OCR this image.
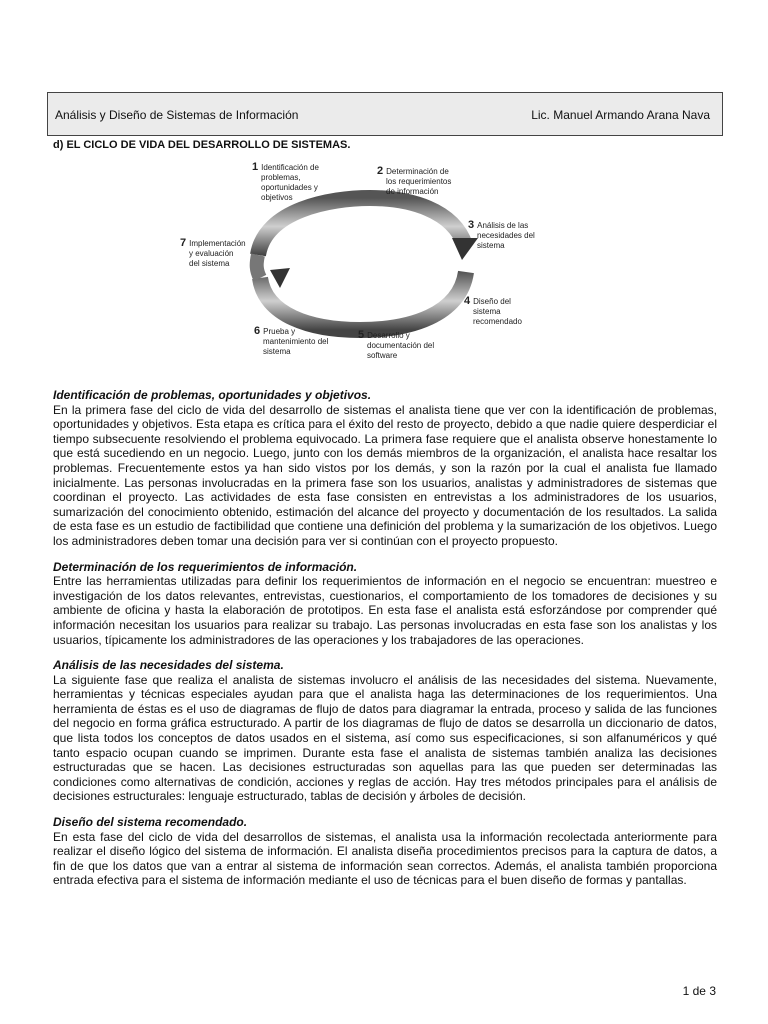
Análisis y Diseño de Sistemas de Información	Lic. Manuel Armando Arana Nava
d) EL CICLO DE VIDA DEL DESARROLLO DE SISTEMAS.
1 Identificación de
problemas,
oportunidades y
objetivos
2 Determinación de
los requerimientos
de información
3 Análisis de las
necesidades del
sistema
4 Diseño del
sistema
recomendado
5 Desarrollo y
documentación del
software
6 Prueba y
mantenimiento del
sistema
7 Implementación
y evaluación
del sistema
Identificación de problemas, oportunidades y objetivos.

En la primera fase del ciclo de vida del desarrollo de sistemas el analista tiene que ver con la identificación de problemas, oportunidades y objetivos. Esta etapa es crítica para el éxito del resto de proyecto, debido a que nadie quiere desperdiciar el tiempo subsecuente resolviendo el problema equivocado. La primera fase requiere que el analista observe honestamente lo que está sucediendo en un negocio. Luego, junto con los demás miembros de la organización, el analista hace resaltar los problemas. Frecuentemente estos ya han sido vistos por los demás, y son la razón por la cual el analista fue llamado inicialmente. Las personas involucradas en la primera fase son los usuarios, analistas y administradores de sistemas que coordinan el proyecto. Las actividades de esta fase consisten en entrevistas a los administradores de los usuarios, sumarización del conocimiento obtenido, estimación del alcance del proyecto y documentación de los resultados. La salida de esta fase es un estudio de factibilidad que contiene una definición del problema y la sumarización de los objetivos. Luego los administradores deben tomar una decisión para ver si continúan con el proyecto propuesto.

Determinación de los requerimientos de información.

Entre las herramientas utilizadas para definir los requerimientos de información en el negocio se encuentran: muestreo e investigación de los datos relevantes, entrevistas, cuestionarios, el comportamiento de los tomadores de decisiones y su ambiente de oficina y hasta la elaboración de prototipos. En esta fase el analista está esforzándose por comprender qué información necesitan los usuarios para realizar su trabajo. Las personas involucradas en esta fase son los analistas y los usuarios, típicamente los administradores de las operaciones y los trabajadores de las operaciones.

Análisis de las necesidades del sistema.

La siguiente fase que realiza el analista de sistemas involucro el análisis de las necesidades del sistema. Nuevamente, herramientas y técnicas especiales ayudan para que el analista haga las determinaciones de los requerimientos. Una herramienta de éstas es el uso de diagramas de flujo de datos para diagramar la entrada, proceso y salida de las funciones del negocio en forma gráfica estructurado. A partir de los diagramas de flujo de datos se desarrolla un diccionario de datos, que lista todos los conceptos de datos usados en el sistema, así como sus especificaciones, si son alfanuméricos y qué tanto espacio ocupan cuando se imprimen. Durante esta fase el analista de sistemas también analiza las decisiones estructuradas que se hacen. Las decisiones estructuradas son aquellas para las que pueden ser determinadas las condiciones como alternativas de condición, acciones y reglas de acción. Hay tres métodos principales para el análisis de decisiones estructurales: lenguaje estructurado, tablas de decisión y árboles de decisión.

Diseño del sistema recomendado.

En esta fase del ciclo de vida del desarrollos de sistemas, el analista usa la información recolectada anteriormente para realizar el diseño lógico del sistema de información. El analista diseña procedimientos precisos para la captura de datos, a fin de que los datos que van a entrar al sistema de información sean correctos. Además, el analista también proporciona entrada efectiva para el sistema de información mediante el uso de técnicas para el buen diseño de formas y pantallas.

1 de 3
